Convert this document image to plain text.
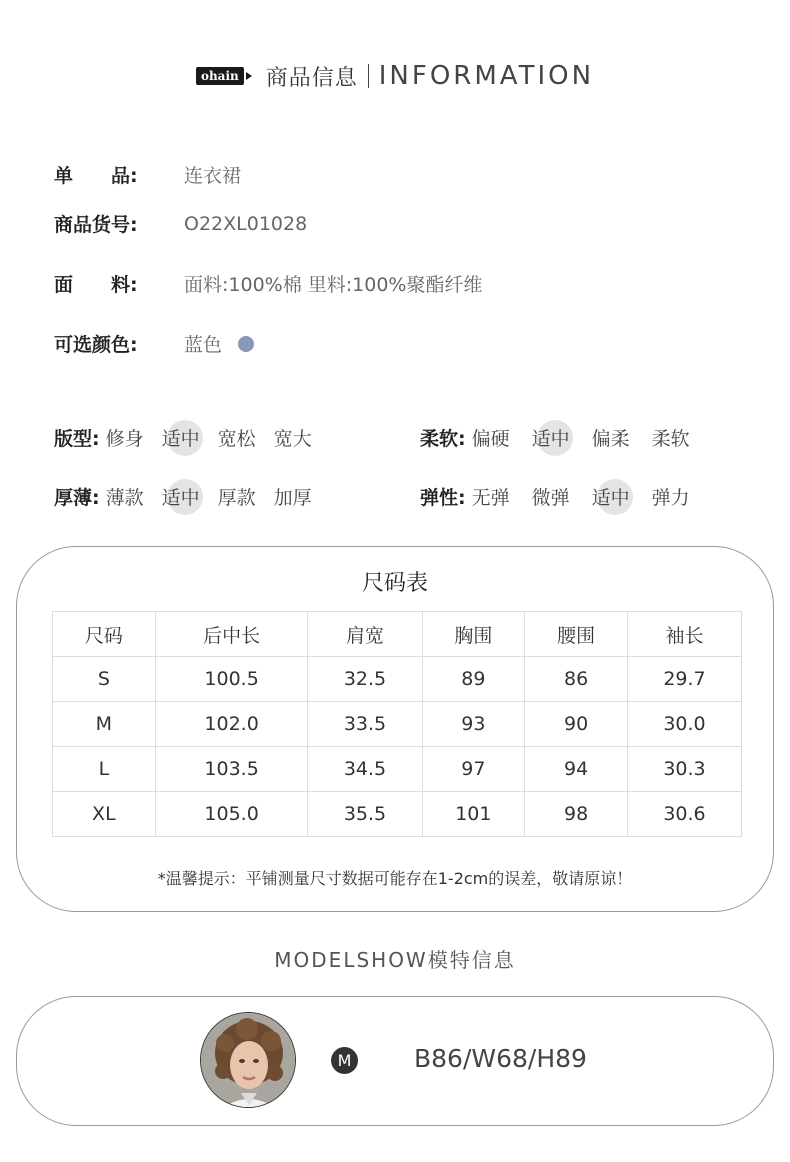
ohain 商品信息 INFORMATION
单　　品:	连衣裙
商品货号:	O22XL01028
面　　料:	面料:100%棉 里料:100%聚酯纤维
可选颜色:	蓝色
版型: 修身 适中 宽松 宽大	柔软: 偏硬 适中 偏柔 柔软
厚薄: 薄款 适中 厚款 加厚	弹性: 无弹 微弹 适中 弹力
尺码表
尺码	后中长	肩宽	胸围	腰围	袖长
S	100.5	32.5	89	86	29.7
M	102.0	33.5	93	90	30.0
L	103.5	34.5	97	94	30.3
XL	105.0	35.5	101	98	30.6
*温馨提示：平铺测量尺寸数据可能存在1-2cm的误差，敬请原谅！
MODELSHOW模特信息
M	B86/W68/H89
